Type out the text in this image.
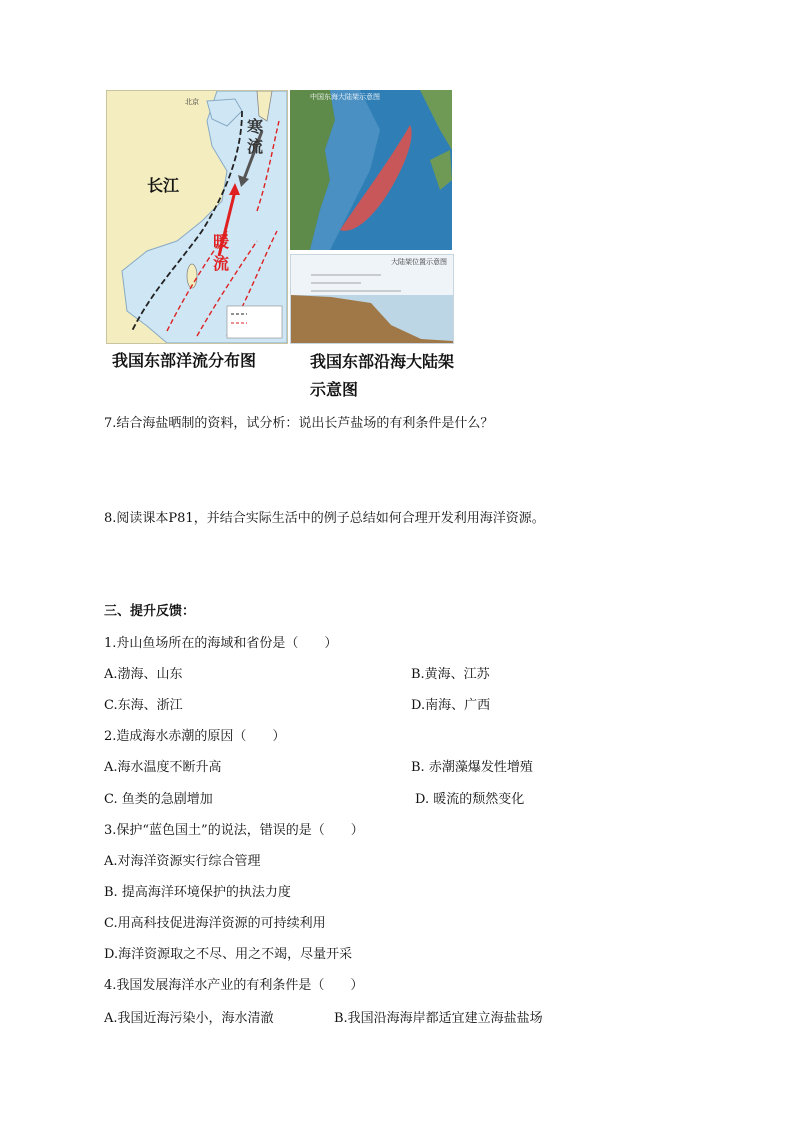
北京
长江
寒流
暖流
中国东海大陆架示意图
大陆架位置示意图
我国东部洋流分布图	我国东部沿海大陆架示意图
7.结合海盐晒制的资料，试分析：说出长芦盐场的有利条件是什么？
8.阅读课本P81，并结合实际生活中的例子总结如何合理开发利用海洋资源。
三、提升反馈：
1.舟山鱼场所在的海域和省份是（　　）
A.渤海、山东	B.黄海、江苏
C.东海、浙江	D.南海、广西
2.造成海水赤潮的原因（　　）
A.海水温度不断升高	B. 赤潮藻爆发性增殖
C. 鱼类的急剧增加	D. 暖流的颓然变化
3.保护“蓝色国土”的说法，错误的是（　　）
A.对海洋资源实行综合管理
B. 提高海洋环境保护的执法力度
C.用高科技促进海洋资源的可持续利用
D.海洋资源取之不尽、用之不竭，尽量开采
4.我国发展海洋水产业的有利条件是（　　）
A.我国近海污染小，海水清澈	B.我国沿海海岸都适宜建立海盐盐场
